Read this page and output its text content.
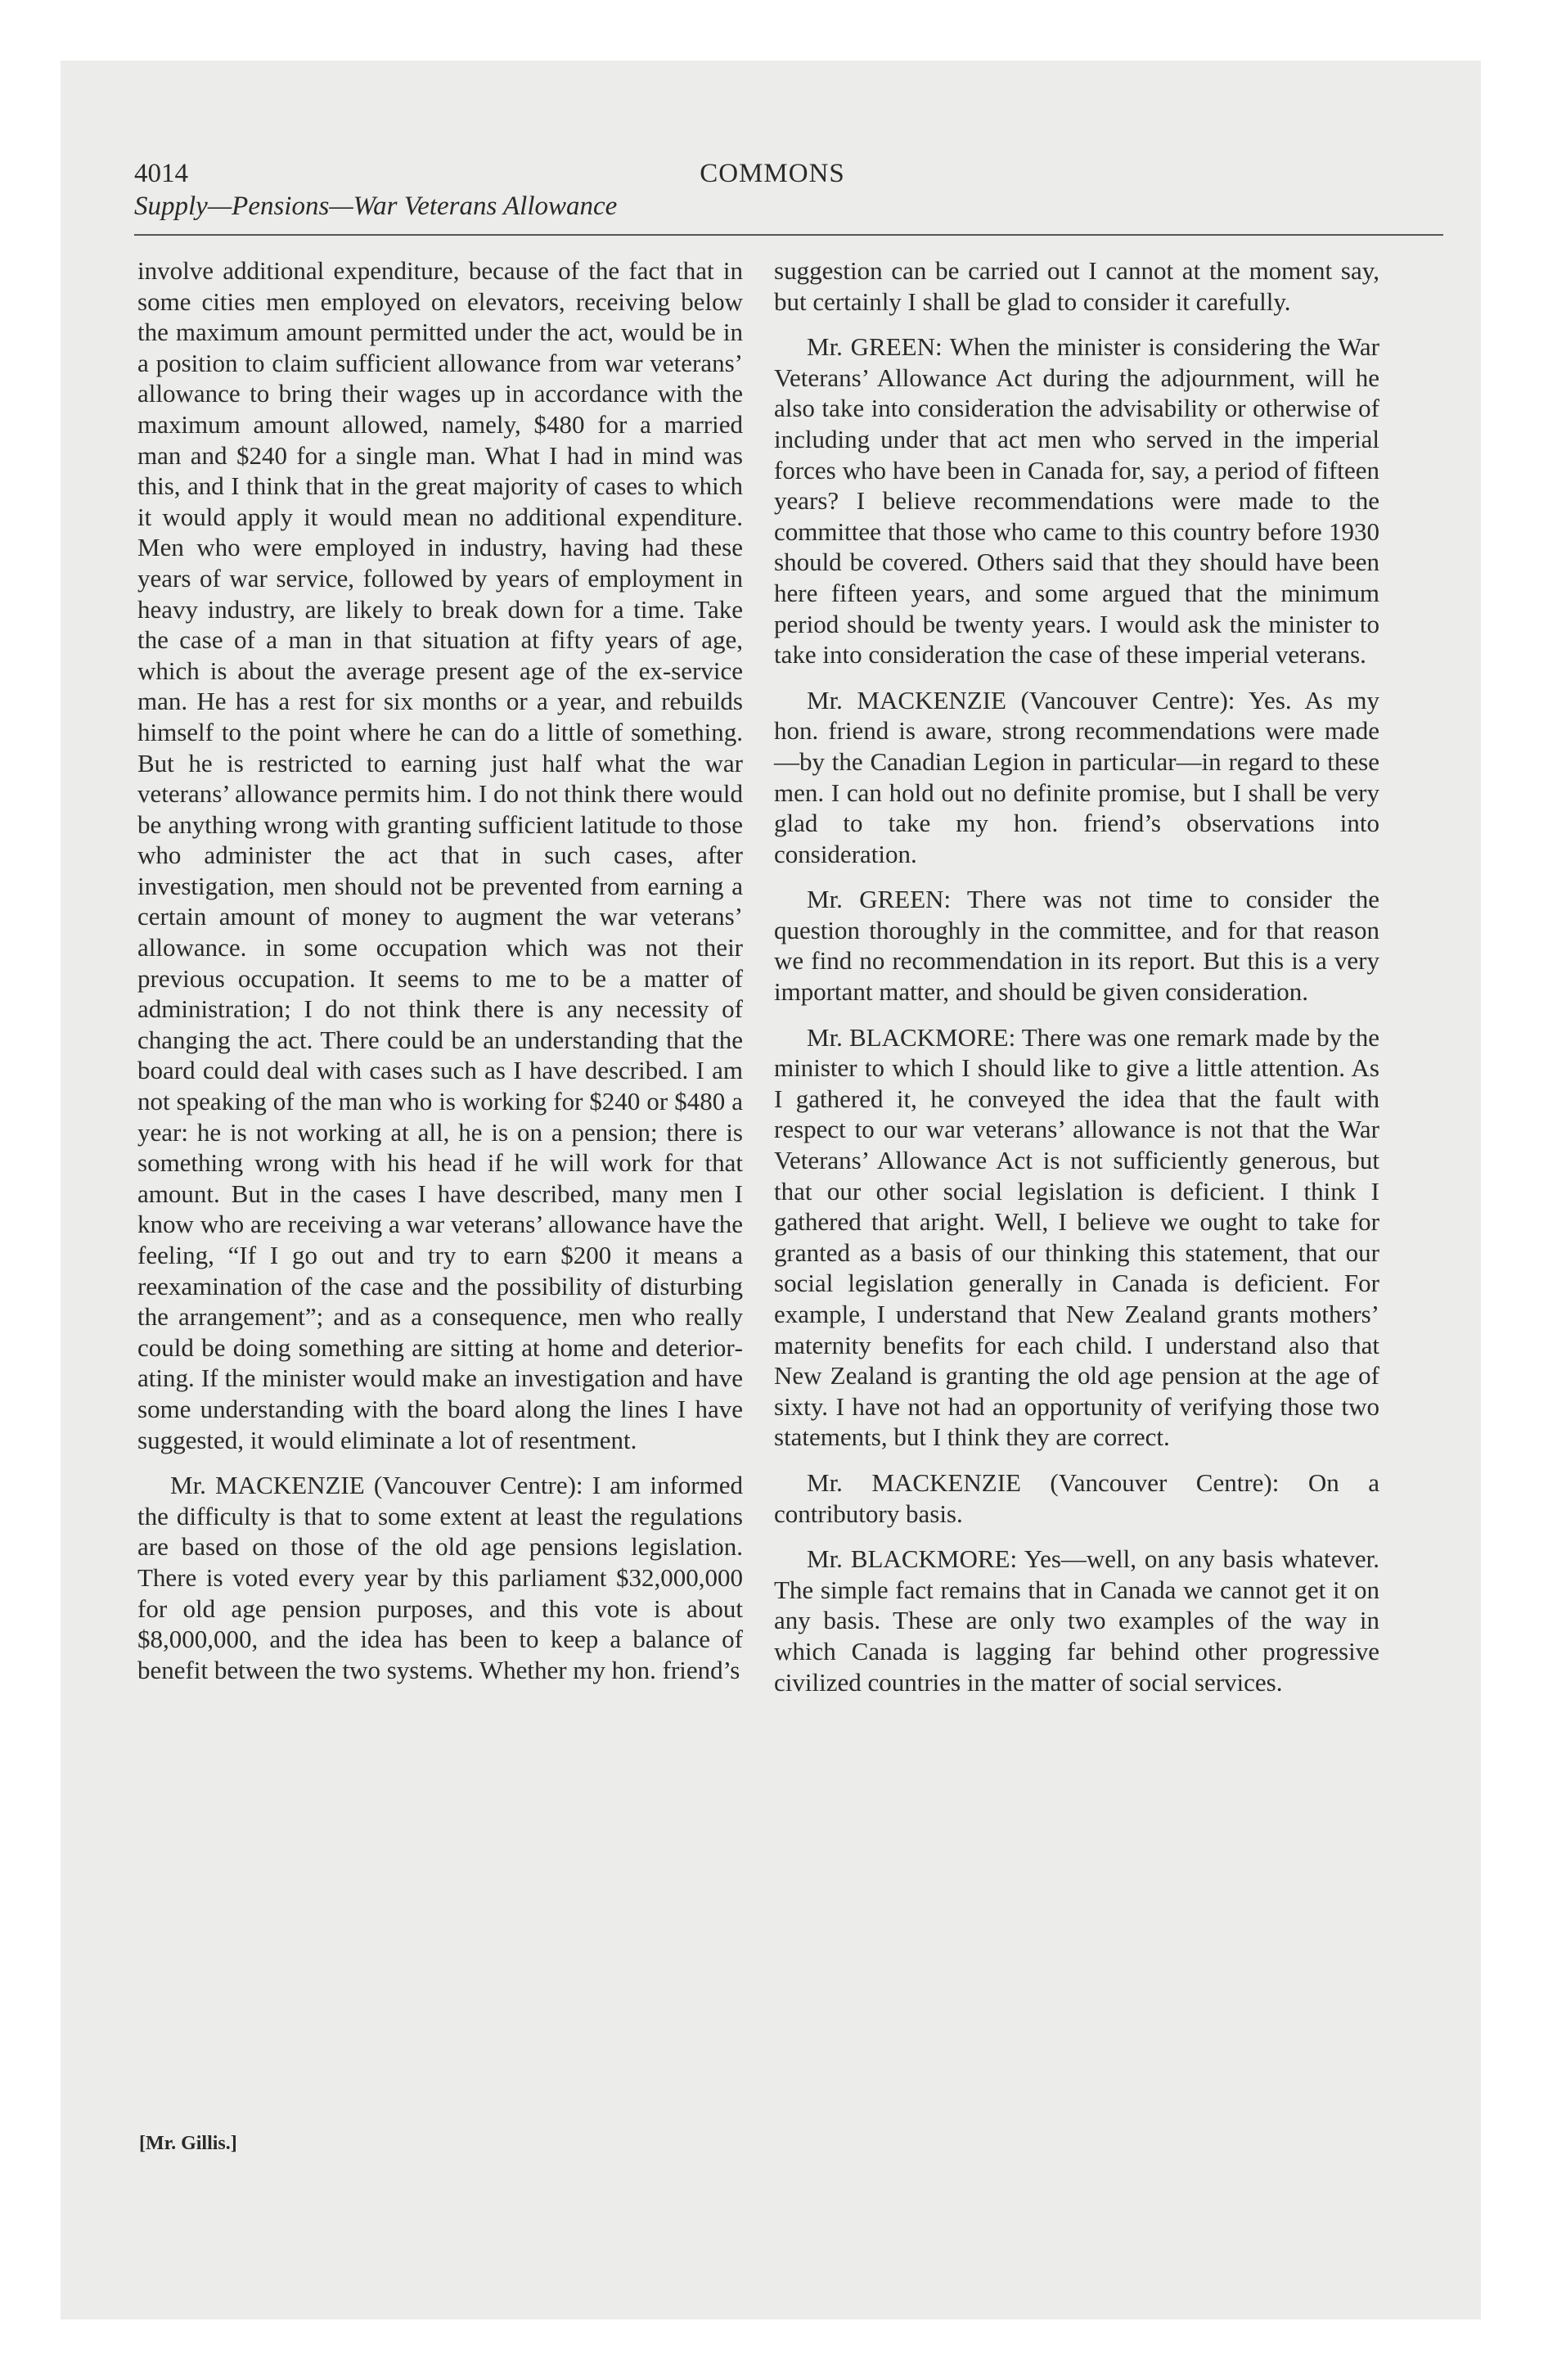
4014	COMMONS
Supply—Pensions—War Veterans Allowance

involve additional expenditure, because of the fact that in some cities men employed on elevators, receiving below the maximum amount permitted under the act, would be in a position to claim sufficient allowance from war veterans’ allowance to bring their wages up in accordance with the maximum amount allowed, namely, $480 for a married man and $240 for a single man. What I had in mind was this, and I think that in the great majority of cases to which it would apply it would mean no additional expenditure. Men who were employed in industry, having had these years of war service, followed by years of employment in heavy industry, are likely to break down for a time. Take the case of a man in that situation at fifty years of age, which is about the average present age of the ex-service man. He has a rest for six months or a year, and rebuilds himself to the point where he can do a little of something. But he is restricted to earning just half what the war veterans’ allowance permits him. I do not think there would be anything wrong with granting sufficient latitude to those who administer the act that in such cases, after investigation, men should not be prevented from earning a certain amount of money to augment the war veterans’ allowance. in some occupation which was not their previous occupation. It seems to me to be a matter of administration; I do not think there is any necessity of changing the act. There could be an understanding that the board could deal with cases such as I have described. I am not speaking of the man who is working for $240 or $480 a year: he is not working at all, he is on a pension; there is something wrong with his head if he will work for that amount. But in the cases I have described, many men I know who are receiving a war veterans’ allowance have the feeling, “If I go out and try to earn $200 it means a reexamination of the case and the possibility of disturbing the arrangement”; and as a consequence, men who really could be doing something are sitting at home and deteriorating. If the minister would make an investigation and have some understanding with the board along the lines I have suggested, it would eliminate a lot of resentment.

Mr. MACKENZIE (Vancouver Centre): I am informed the difficulty is that to some extent at least the regulations are based on those of the old age pensions legislation. There is voted every year by this parliament $32,000,000 for old age pension purposes, and this vote is about $8,000,000, and the idea has been to keep a balance of benefit between the two systems. Whether my hon. friend’s

suggestion can be carried out I cannot at the moment say, but certainly I shall be glad to consider it carefully.

Mr. GREEN: When the minister is considering the War Veterans’ Allowance Act during the adjournment, will he also take into consideration the advisability or otherwise of including under that act men who served in the imperial forces who have been in Canada for, say, a period of fifteen years? I believe recommendations were made to the committee that those who came to this country before 1930 should be covered. Others said that they should have been here fifteen years, and some argued that the minimum period should be twenty years. I would ask the minister to take into consideration the case of these imperial veterans.

Mr. MACKENZIE (Vancouver Centre): Yes. As my hon. friend is aware, strong recommendations were made—by the Canadian Legion in particular—in regard to these men. I can hold out no definite promise, but I shall be very glad to take my hon. friend’s observations into consideration.

Mr. GREEN: There was not time to consider the question thoroughly in the committee, and for that reason we find no recommendation in its report. But this is a very important matter, and should be given consideration.

Mr. BLACKMORE: There was one remark made by the minister to which I should like to give a little attention. As I gathered it, he conveyed the idea that the fault with respect to our war veterans’ allowance is not that the War Veterans’ Allowance Act is not sufficiently generous, but that our other social legislation is deficient. I think I gathered that aright. Well, I believe we ought to take for granted as a basis of our thinking this statement, that our social legislation generally in Canada is deficient. For example, I understand that New Zealand grants mothers’ maternity benefits for each child. I understand also that New Zealand is granting the old age pension at the age of sixty. I have not had an opportunity of verifying those two statements, but I think they are correct.

Mr. MACKENZIE (Vancouver Centre): On a contributory basis.

Mr. BLACKMORE: Yes—well, on any basis whatever. The simple fact remains that in Canada we cannot get it on any basis. These are only two examples of the way in which Canada is lagging far behind other progressive civilized countries in the matter of social services.

[Mr. Gillis.]
